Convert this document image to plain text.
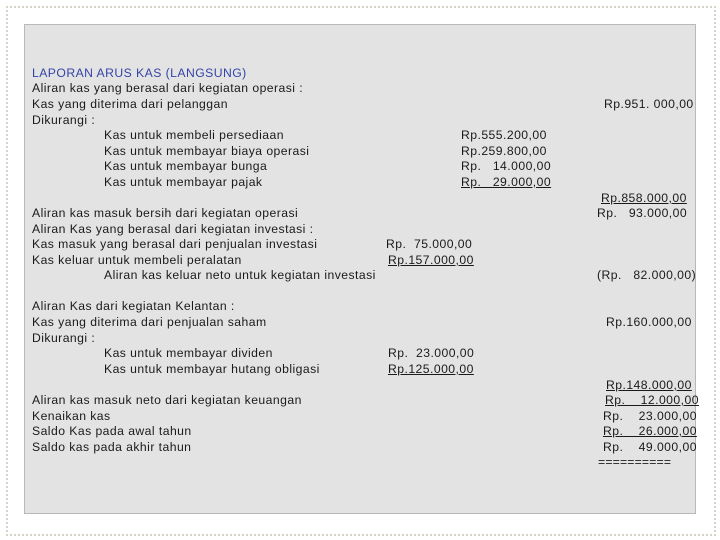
LAPORAN ARUS KAS (LANGSUNG)
Aliran kas yang berasal dari kegiatan operasi :
Kas yang diterima dari pelanggan	Rp.951. 000,00
Dikurangi :
Kas untuk membeli persediaan	Rp.555.200,00
Kas untuk membayar biaya operasi	Rp.259.800,00
Kas untuk membayar bunga	Rp.   14.000,00
Kas untuk membayar pajak	Rp.   29.000,00
Rp.858.000,00
Aliran kas masuk bersih dari kegiatan operasi	Rp.   93.000,00
Aliran Kas yang berasal dari kegiatan investasi :
Kas masuk yang berasal dari penjualan investasi	Rp.  75.000,00
Kas keluar untuk membeli peralatan	Rp.157.000,00
Aliran kas keluar neto untuk kegiatan investasi	(Rp.   82.000,00)
Aliran Kas dari kegiatan Kelantan :
Kas yang diterima dari penjualan saham	Rp.160.000,00
Dikurangi :
Kas untuk membayar dividen	Rp.  23.000,00
Kas untuk membayar hutang obligasi	Rp.125.000,00
Rp.148.000,00
Aliran kas masuk neto dari kegiatan keuangan	Rp.    12.000,00
Kenaikan kas	Rp.    23.000,00
Saldo Kas pada awal tahun	Rp.    26.000,00
Saldo kas pada akhir tahun	Rp.    49.000,00
==========
